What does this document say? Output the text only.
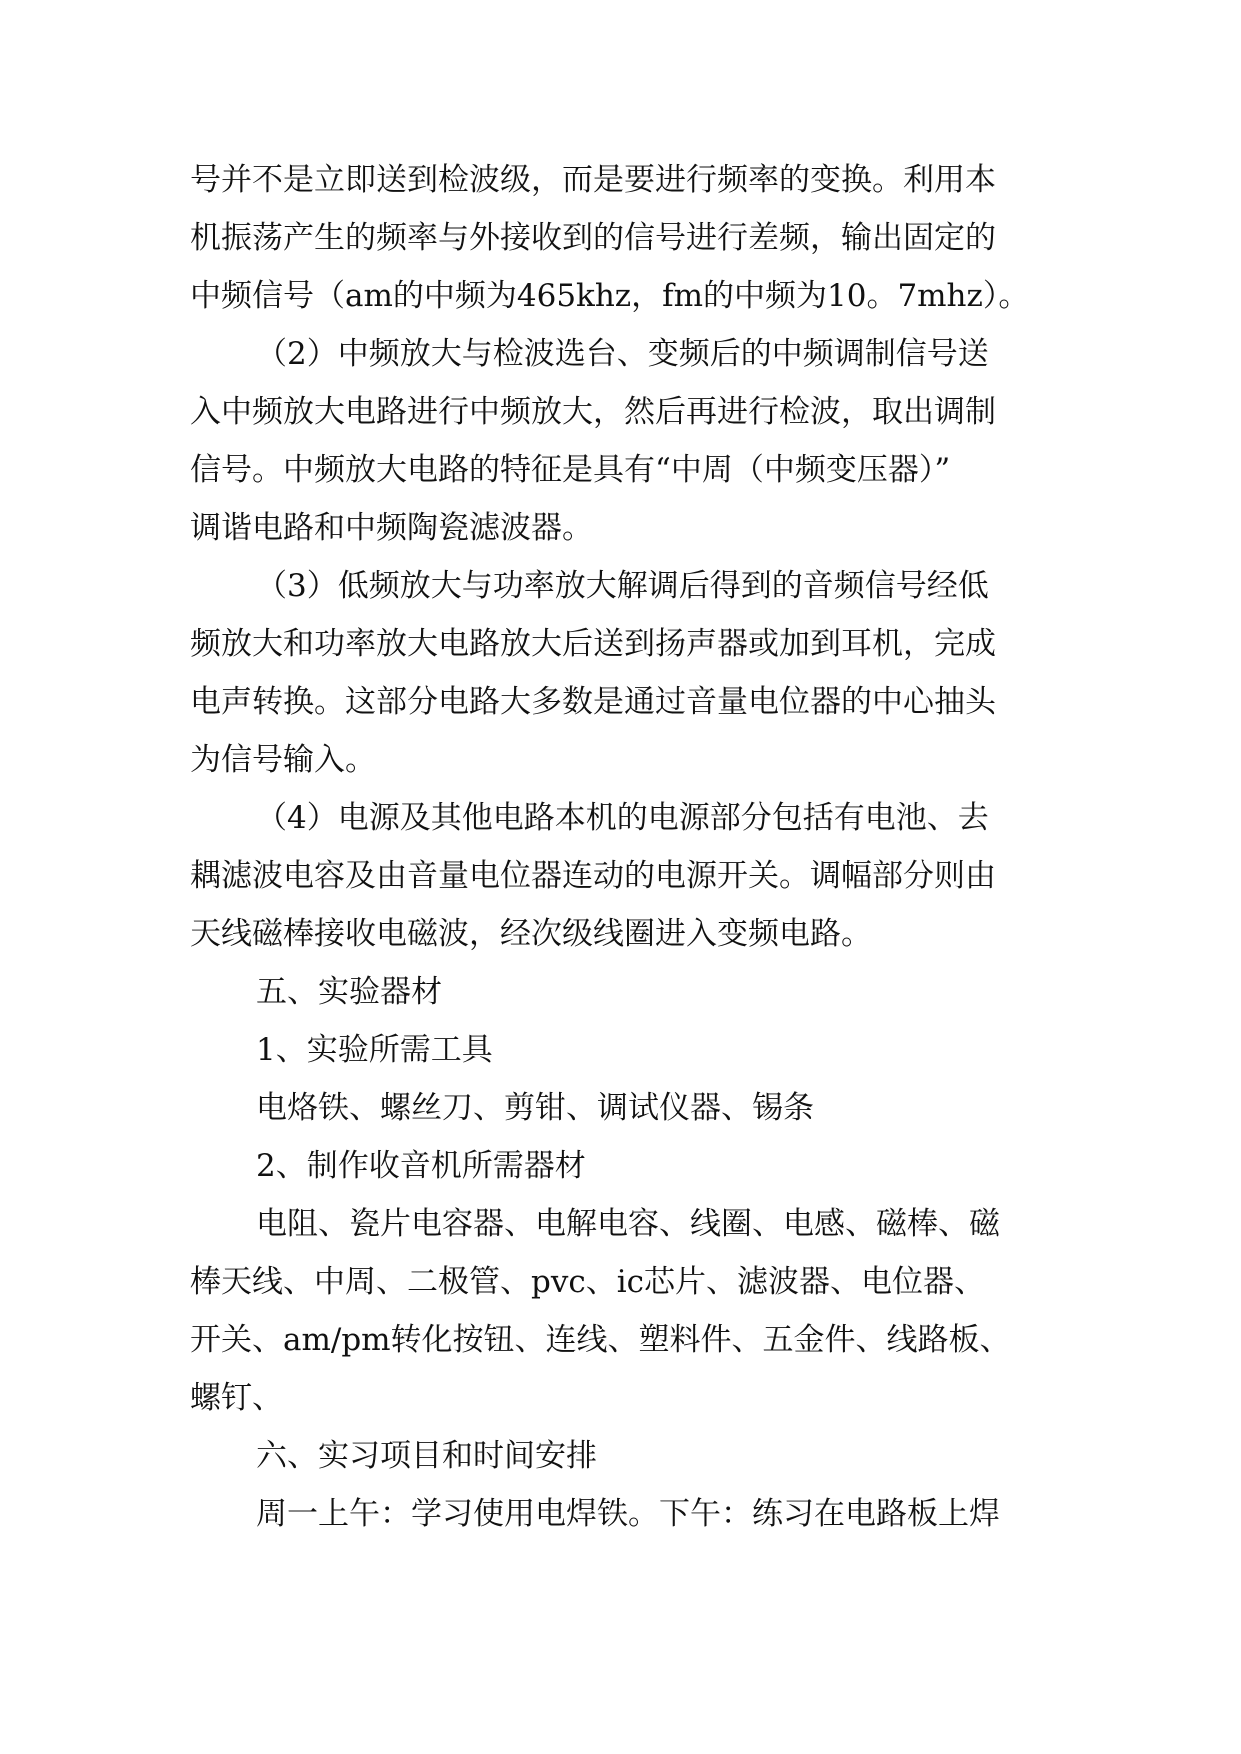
号并不是立即送到检波级，而是要进行频率的变换。利用本
机振荡产生的频率与外接收到的信号进行差频，输出固定的
中频信号（am的中频为465khz，fm的中频为10。7mhz）。
（2）中频放大与检波选台、变频后的中频调制信号送
入中频放大电路进行中频放大，然后再进行检波，取出调制
信号。中频放大电路的特征是具有“中周（中频变压器）”
调谐电路和中频陶瓷滤波器。
（3）低频放大与功率放大解调后得到的音频信号经低
频放大和功率放大电路放大后送到扬声器或加到耳机，完成
电声转换。这部分电路大多数是通过音量电位器的中心抽头
为信号输入。
（4）电源及其他电路本机的电源部分包括有电池、去
耦滤波电容及由音量电位器连动的电源开关。调幅部分则由
天线磁棒接收电磁波，经次级线圈进入变频电路。
五、实验器材
1、实验所需工具
电烙铁、螺丝刀、剪钳、调试仪器、锡条
2、制作收音机所需器材
电阻、瓷片电容器、电解电容、线圈、电感、磁棒、磁
棒天线、中周、二极管、pvc、ic芯片、滤波器、电位器、
开关、am/pm转化按钮、连线、塑料件、五金件、线路板、
螺钉、
六、实习项目和时间安排
周一上午：学习使用电焊铁。下午：练习在电路板上焊
